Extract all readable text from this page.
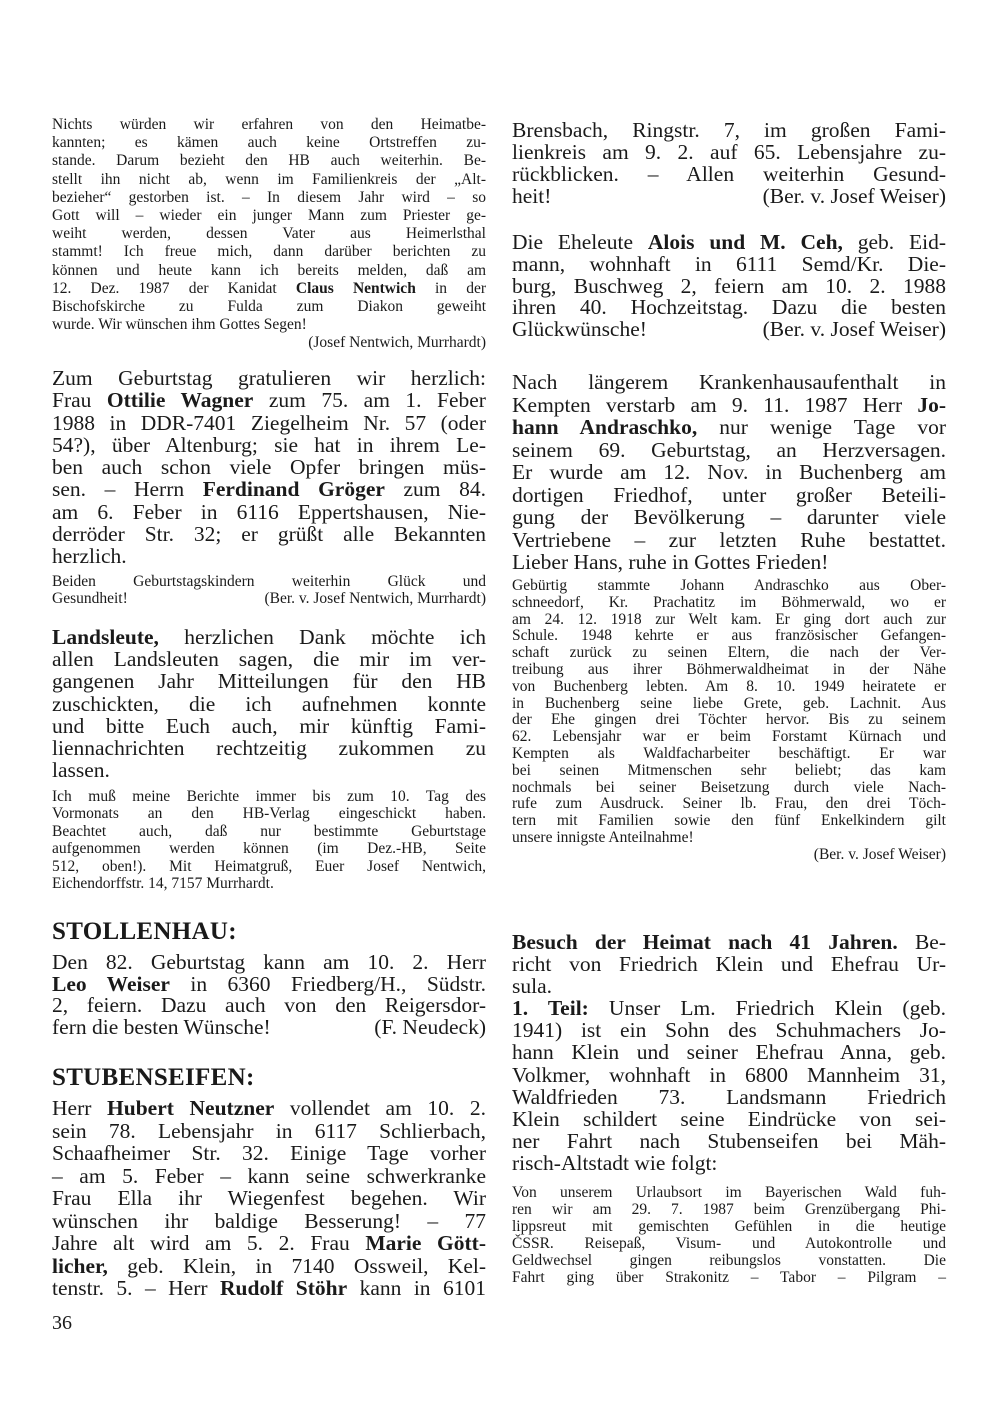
Nichts würden wir erfahren von den Heimatbe-
kannten; es kämen auch keine Ortstreffen zu-
stande. Darum bezieht den HB auch weiterhin. Be-
stellt ihn nicht ab, wenn im Familienkreis der „Alt-
bezieher“ gestorben ist. – In diesem Jahr wird – so
Gott will – wieder ein junger Mann zum Priester ge-
weiht werden, dessen Vater aus Heimerlsthal
stammt! Ich freue mich, dann darüber berichten zu
können und heute kann ich bereits melden, daß am
12. Dez. 1987 der Kanidat Claus Nentwich in der
Bischofskirche zu Fulda zum Diakon geweiht
wurde. Wir wünschen ihm Gottes Segen!
(Josef Nentwich, Murrhardt)
Zum Geburtstag gratulieren wir herzlich:
Frau Ottilie Wagner zum 75. am 1. Feber
1988 in DDR-7401 Ziegelheim Nr. 57 (oder
54?), über Altenburg; sie hat in ihrem Le-
ben auch schon viele Opfer bringen müs-
sen. – Herrn Ferdinand Gröger zum 84.
am 6. Feber in 6116 Eppertshausen, Nie-
derröder Str. 32; er grüßt alle Bekannten
herzlich.
Beiden Geburtstagskindern weiterhin Glück und
Gesundheit!	(Ber. v. Josef Nentwich, Murrhardt)
Landsleute, herzlichen Dank möchte ich
allen Landsleuten sagen, die mir im ver-
gangenen Jahr Mitteilungen für den HB
zuschickten, die ich aufnehmen konnte
und bitte Euch auch, mir künftig Fami-
liennachrichten rechtzeitig zukommen zu
lassen.
Ich muß meine Berichte immer bis zum 10. Tag des
Vormonats an den HB-Verlag eingeschickt haben.
Beachtet auch, daß nur bestimmte Geburtstage
aufgenommen werden können (im Dez.-HB, Seite
512, oben!). Mit Heimatgruß, Euer Josef Nentwich,
Eichendorffstr. 14, 7157 Murrhardt.
STOLLENHAU:
Den 82. Geburtstag kann am 10. 2. Herr
Leo Weiser in 6360 Friedberg/H., Südstr.
2, feiern. Dazu auch von den Reigersdor-
fern die besten Wünsche!	(F. Neudeck)
STUBENSEIFEN:
Herr Hubert Neutzner vollendet am 10. 2.
sein 78. Lebensjahr in 6117 Schlierbach,
Schaafheimer Str. 32. Einige Tage vorher
– am 5. Feber – kann seine schwerkranke
Frau Ella ihr Wiegenfest begehen. Wir
wünschen ihr baldige Besserung! – 77
Jahre alt wird am 5. 2. Frau Marie Gött-
licher, geb. Klein, in 7140 Ossweil, Kel-
tenstr. 5. – Herr Rudolf Stöhr kann in 6101
Brensbach, Ringstr. 7, im großen Fami-
lienkreis am 9. 2. auf 65. Lebensjahre zu-
rückblicken. – Allen weiterhin Gesund-
heit!	(Ber. v. Josef Weiser)
Die Eheleute Alois und M. Ceh, geb. Eid-
mann, wohnhaft in 6111 Semd/Kr. Die-
burg, Buschweg 2, feiern am 10. 2. 1988
ihren 40. Hochzeitstag. Dazu die besten
Glückwünsche!	(Ber. v. Josef Weiser)
Nach längerem Krankenhausaufenthalt in
Kempten verstarb am 9. 11. 1987 Herr Jo-
hann Andraschko, nur wenige Tage vor
seinem 69. Geburtstag, an Herzversagen.
Er wurde am 12. Nov. in Buchenberg am
dortigen Friedhof, unter großer Beteili-
gung der Bevölkerung – darunter viele
Vertriebene – zur letzten Ruhe bestattet.
Lieber Hans, ruhe in Gottes Frieden!
Gebürtig stammte Johann Andraschko aus Ober-
schneedorf, Kr. Prachatitz im Böhmerwald, wo er
am 24. 12. 1918 zur Welt kam. Er ging dort auch zur
Schule. 1948 kehrte er aus französischer Gefangen-
schaft zurück zu seinen Eltern, die nach der Ver-
treibung aus ihrer Böhmerwaldheimat in der Nähe
von Buchenberg lebten. Am 8. 10. 1949 heiratete er
in Buchenberg seine liebe Grete, geb. Lachnit. Aus
der Ehe gingen drei Töchter hervor. Bis zu seinem
62. Lebensjahr war er beim Forstamt Kürnach und
Kempten als Waldfacharbeiter beschäftigt. Er war
bei seinen Mitmenschen sehr beliebt; das kam
nochmals bei seiner Beisetzung durch viele Nach-
rufe zum Ausdruck. Seiner lb. Frau, den drei Töch-
tern mit Familien sowie den fünf Enkelkindern gilt
unsere innigste Anteilnahme!
(Ber. v. Josef Weiser)
Besuch der Heimat nach 41 Jahren. Be-
richt von Friedrich Klein und Ehefrau Ur-
sula.
1. Teil: Unser Lm. Friedrich Klein (geb.
1941) ist ein Sohn des Schuhmachers Jo-
hann Klein und seiner Ehefrau Anna, geb.
Volkmer, wohnhaft in 6800 Mannheim 31,
Waldfrieden 73. Landsmann Friedrich
Klein schildert seine Eindrücke von sei-
ner Fahrt nach Stubenseifen bei Mäh-
risch-Altstadt wie folgt:
Von unserem Urlaubsort im Bayerischen Wald fuh-
ren wir am 29. 7. 1987 beim Grenzübergang Phi-
lippsreut mit gemischten Gefühlen in die heutige
ČSSR. Reisepaß, Visum- und Autokontrolle und
Geldwechsel gingen reibungslos vonstatten. Die
Fahrt ging über Strakonitz – Tabor – Pilgram –
36
